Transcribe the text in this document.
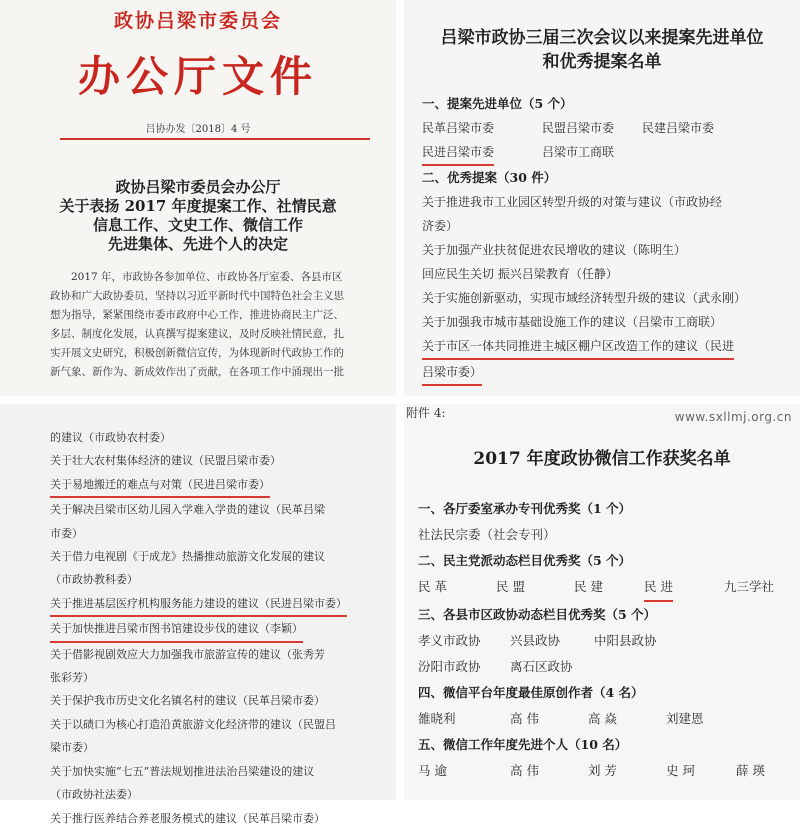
政协吕梁市委员会
办公厅文件
吕协办发〔2018〕4 号
政协吕梁市委员会办公厅
关于表扬 2017 年度提案工作、社情民意
信息工作、文史工作、微信工作
先进集体、先进个人的决定

2017 年，市政协各参加单位、市政协各厅室委、各县市区

政协和广大政协委员，坚持以习近平新时代中国特色社会主义思
想为指导，紧紧围绕市委市政府中心工作，推进协商民主广泛、
多层、制度化发展，认真撰写提案建议，及时反映社情民意，扎
实开展文史研究，积极创新微信宣传，为体现新时代政协工作的
新气象、新作为、新成效作出了贡献，在各项工作中涌现出一批
吕梁市政协三届三次会议以来提案先进单位
和优秀提案名单
一、提案先进单位（5 个）
民革吕梁市委	民盟吕梁市委	民建吕梁市委
民进吕梁市委	吕梁市工商联
二、优秀提案（30 件）
关于推进我市工业园区转型升级的对策与建议（市政协经
济委）
关于加强产业扶贫促进农民增收的建议（陈明生）
回应民生关切 振兴吕梁教育（任静）
关于实施创新驱动，实现市域经济转型升级的建议（武永刚）
关于加强我市城市基础设施工作的建议（吕梁市工商联）
关于市区一体共同推进主城区棚户区改造工作的建议（民进
吕梁市委）
的建议（市政协农村委）
关于壮大农村集体经济的建议（民盟吕梁市委）
关于易地搬迁的难点与对策（民进吕梁市委）
关于解决吕梁市区幼儿园入学难入学贵的建议（民革吕梁
市委）
关于借力电视剧《于成龙》热播推动旅游文化发展的建议
（市政协教科委）
关于推进基层医疗机构服务能力建设的建议（民进吕梁市委）
关于加快推进吕梁市图书馆建设步伐的建议（李颖）
关于借影视剧效应大力加强我市旅游宣传的建议（张秀芳
张彩芳）
关于保护我市历史文化名镇名村的建议（民革吕梁市委）
关于以碛口为核心打造沿黄旅游文化经济带的建议（民盟吕
梁市委）
关于加快实施“七五”普法规划推进法治吕梁建设的建议
（市政协社法委）
关于推行医养结合养老服务模式的建议（民革吕梁市委）
附件 4:
2017 年度政协微信工作获奖名单
一、各厅委室承办专刊优秀奖（1 个）
社法民宗委（社会专刊）
二、民主党派动态栏目优秀奖（5 个）
民 革	民 盟	民 建	民 进	九三学社
三、各县市区政协动态栏目优秀奖（5 个）
孝义市政协	兴县政协	中阳县政协
汾阳市政协	离石区政协
四、微信平台年度最佳原创作者（4 名）
雒晓利	高 伟	高 焱	刘建恩
五、微信工作年度先进个人（10 名）
马 逾	高 伟	刘 芳	史 珂	薛 瑛
www.sxllmj.org.cn
